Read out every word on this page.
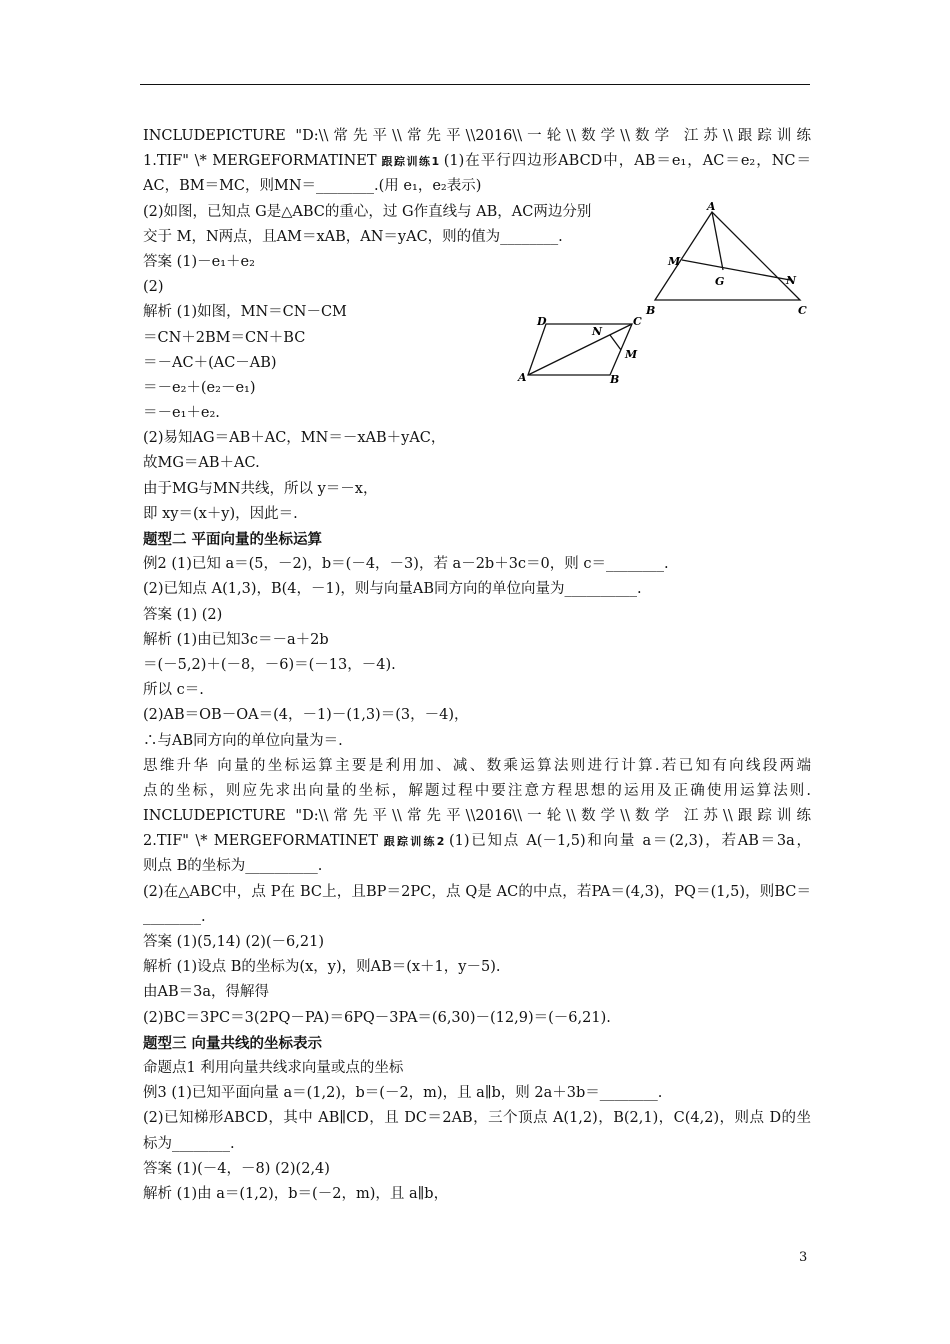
INCLUDEPICTURE "D:\\常先平\\常先平\\2016\\一轮\\数学\\数学 江苏\\跟踪训练
1.TIF" \* MERGEFORMATINET 跟踪训练1 (1)在平行四边形ABCD中，AB＝e₁，AC＝e₂，NC＝
AC，BM＝MC，则MN＝________.(用 e₁，e₂表示)
(2)如图，已知点 G是△ABC的重心，过 G作直线与 AB，AC两边分别
交于 M，N两点，且AM＝xAB，AN＝yAC，则的值为________.
答案 (1)－e₁＋e₂
(2)
解析 (1)如图，MN＝CN－CM
＝CN＋2BM＝CN＋BC
＝－AC＋(AC－AB)
＝－e₂＋(e₂－e₁)
＝－e₁＋e₂.
(2)易知AG＝AB＋AC，MN＝－xAB＋yAC，
故MG＝AB＋AC.
由于MG与MN共线，所以 y＝－x，
即 xy＝(x＋y)，因此＝.
题型二 平面向量的坐标运算
例2 (1)已知 a＝(5，－2)，b＝(－4，－3)，若 a－2b＋3c＝0，则 c＝________.
(2)已知点 A(1,3)，B(4，－1)，则与向量AB同方向的单位向量为__________.
答案 (1) (2)
解析 (1)由已知3c＝－a＋2b
＝(－5,2)＋(－8，－6)＝(－13，－4).
所以 c＝.
(2)AB＝OB－OA＝(4，－1)－(1,3)＝(3，－4)，
∴与AB同方向的单位向量为＝.
思维升华 向量的坐标运算主要是利用加、减、数乘运算法则进行计算.若已知有向线段两端
点的坐标，则应先求出向量的坐标，解题过程中要注意方程思想的运用及正确使用运算法则.
INCLUDEPICTURE "D:\\常先平\\常先平\\2016\\一轮\\数学\\数学 江苏\\跟踪训练
2.TIF" \* MERGEFORMATINET 跟踪训练2 (1)已知点 A(－1,5)和向量 a＝(2,3)，若AB＝3a，
则点 B的坐标为__________.
(2)在△ABC中，点 P在 BC上，且BP＝2PC，点 Q是 AC的中点，若PA＝(4,3)，PQ＝(1,5)，则BC＝
________.
答案 (1)(5,14) (2)(－6,21)
解析 (1)设点 B的坐标为(x，y)，则AB＝(x＋1，y－5).
由AB＝3a，得解得
(2)BC＝3PC＝3(2PQ－PA)＝6PQ－3PA＝(6,30)－(12,9)＝(－6,21).
题型三 向量共线的坐标表示
命题点1 利用向量共线求向量或点的坐标
例3 (1)已知平面向量 a＝(1,2)，b＝(－2，m)，且 a∥b，则 2a＋3b＝________.
(2)已知梯形ABCD，其中 AB∥CD，且 DC＝2AB，三个顶点 A(1,2)，B(2,1)，C(4,2)，则点 D的坐
标为________.
答案 (1)(－4，－8) (2)(2,4)
解析 (1)由 a＝(1,2)，b＝(－2，m)，且 a∥b，
A
M
G	N
B	C
D
N
C
M
A	B
3
